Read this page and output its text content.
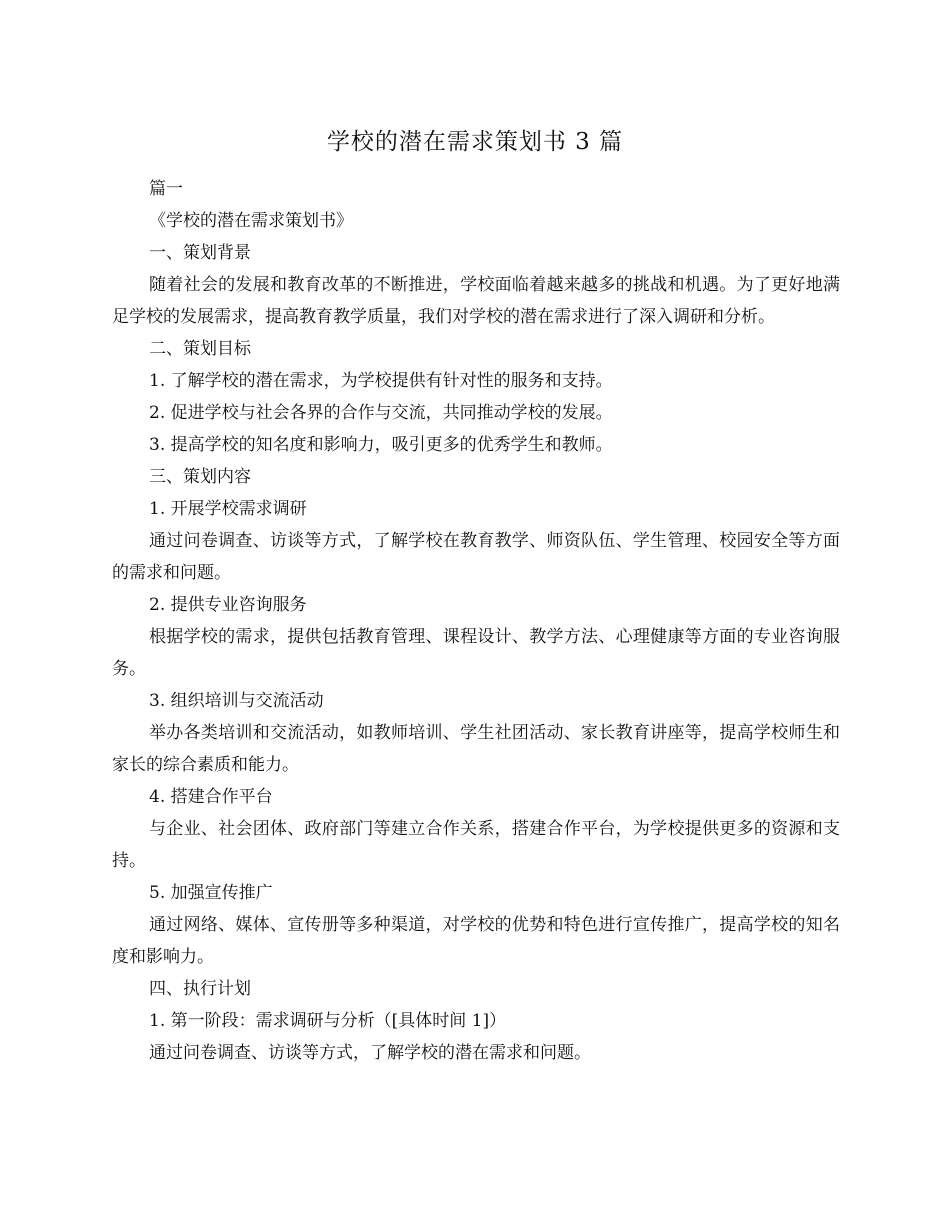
学校的潜在需求策划书 3 篇

篇一

《学校的潜在需求策划书》

一、策划背景

随着社会的发展和教育改革的不断推进，学校面临着越来越多的挑战和机遇。为了更好地满足学校的发展需求，提高教育教学质量，我们对学校的潜在需求进行了深入调研和分析。

二、策划目标

1. 了解学校的潜在需求，为学校提供有针对性的服务和支持。

2. 促进学校与社会各界的合作与交流，共同推动学校的发展。

3. 提高学校的知名度和影响力，吸引更多的优秀学生和教师。

三、策划内容

1. 开展学校需求调研

通过问卷调查、访谈等方式，了解学校在教育教学、师资队伍、学生管理、校园安全等方面的需求和问题。

2. 提供专业咨询服务

根据学校的需求，提供包括教育管理、课程设计、教学方法、心理健康等方面的专业咨询服务。

3. 组织培训与交流活动

举办各类培训和交流活动，如教师培训、学生社团活动、家长教育讲座等，提高学校师生和家长的综合素质和能力。

4. 搭建合作平台

与企业、社会团体、政府部门等建立合作关系，搭建合作平台，为学校提供更多的资源和支持。

5. 加强宣传推广

通过网络、媒体、宣传册等多种渠道，对学校的优势和特色进行宣传推广，提高学校的知名度和影响力。

四、执行计划

1. 第一阶段：需求调研与分析（[具体时间 1]）

通过问卷调查、访谈等方式，了解学校的潜在需求和问题。
